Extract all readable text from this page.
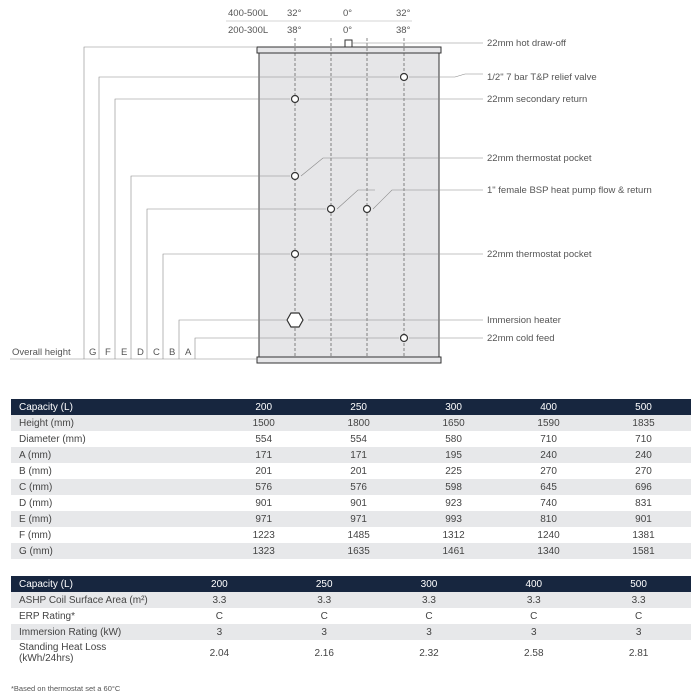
400-500L 32°	0°	32°
200-300L 38°	0°	38°
22mm hot draw-off
1/2" 7 bar T&P relief valve
22mm secondary return
22mm thermostat pocket
1" female BSP heat pump flow & return
22mm thermostat pocket
Immersion heater
22mm cold feed
Overall height G F E D C B A
Capacity (L)	200	250	300	400	500
Height (mm)	1500	1800	1650	1590	1835
Diameter (mm)	554	554	580	710	710
A (mm)	171	171	195	240	240
B (mm)	201	201	225	270	270
C (mm)	576	576	598	645	696
D (mm)	901	901	923	740	831
E (mm)	971	971	993	810	901
F (mm)	1223	1485	1312	1240	1381
G (mm)	1323	1635	1461	1340	1581
Capacity (L)	200	250	300	400	500
ASHP Coil Surface Area (m²)	3.3	3.3	3.3	3.3	3.3
ERP Rating*	C	C	C	C	C
Immersion Rating (kW)	3	3	3	3	3
Standing Heat Loss (kWh/24hrs)	2.04	2.16	2.32	2.58	2.81
*Based on thermostat set a 60°C
